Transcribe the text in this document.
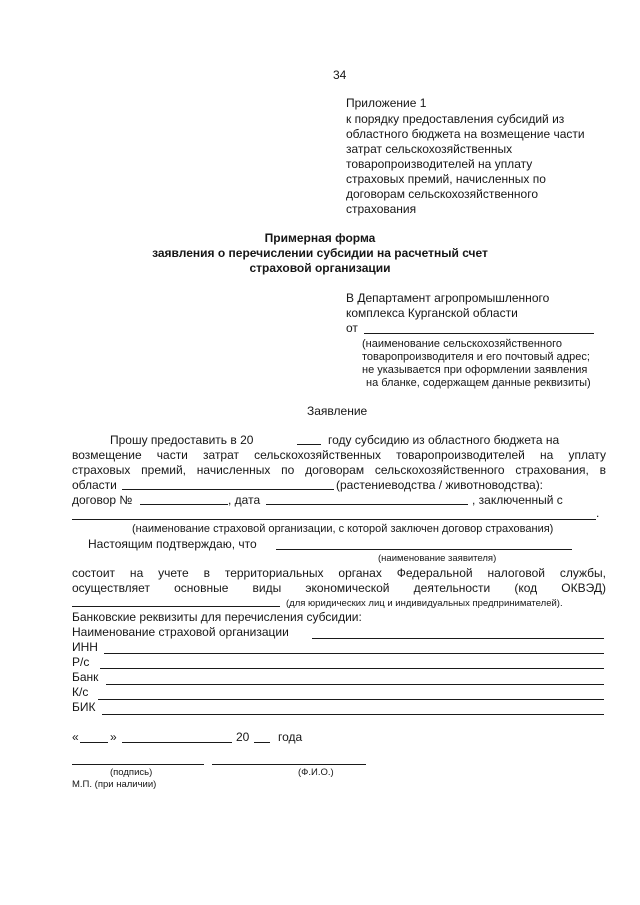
34
Приложение 1
к порядку предоставления субсидий из
областного бюджета на возмещение части
затрат сельскохозяйственных
товаропроизводителей на уплату
страховых премий, начисленных по
договорам сельскохозяйственного
страхования
Примерная форма
заявления о перечислении субсидии на расчетный счет
страховой организации
В Департамент агропромышленного
комплекса Курганской области
от
(наименование сельскохозяйственного
товаропроизводителя и его почтовый адрес;
не указывается при оформлении заявления
на бланке, содержащем данные реквизиты)
Заявление
Прошу предоставить в 20	году субсидию из областного бюджета на
возмещение части затрат сельскохозяйственных товаропроизводителей на уплату
страховых премий, начисленных по договорам сельскохозяйственного страхования, в
области	(растениеводства / животноводства):
договор №	, дата	, заключенный с
.
(наименование страховой организации, с которой заключен договор страхования)
Настоящим подтверждаю, что
(наименование заявителя)
состоит на учете в территориальных органах Федеральной налоговой службы,
осуществляет основные виды экономической деятельности (код ОКВЭД)
(для юридических лиц и индивидуальных предпринимателей).
Банковские реквизиты для перечисления субсидии:
Наименование страховой организации
ИНН
Р/с
Банк
К/с
БИК
«	»	20 года
(подпись)	(Ф.И.О.)
М.П. (при наличии)
